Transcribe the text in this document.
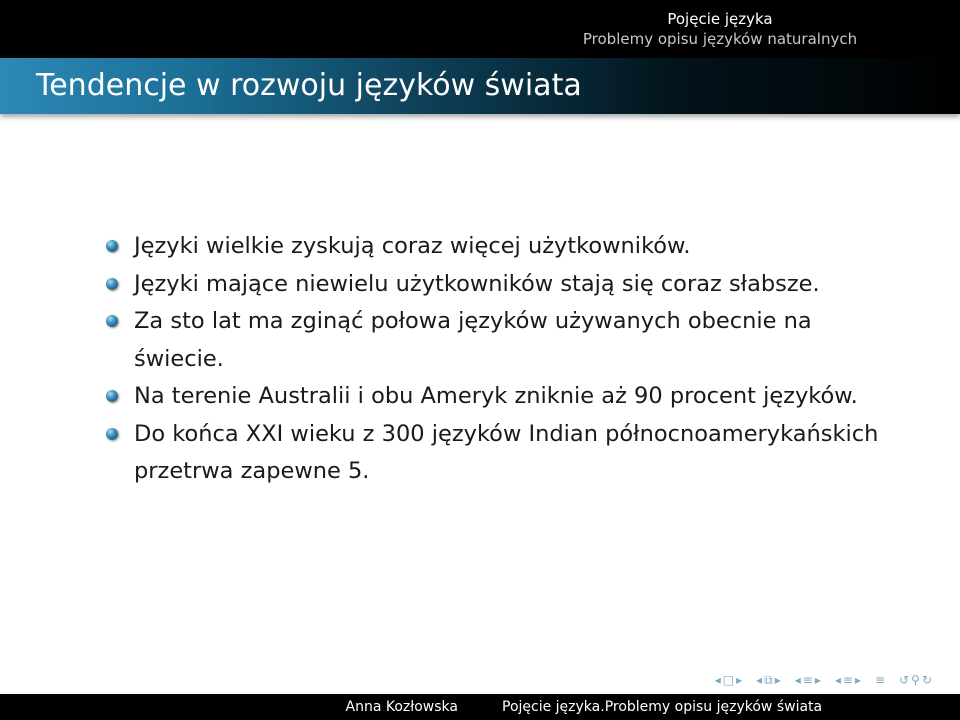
Pojęcie języka
Problemy opisu języków naturalnych
Tendencje w rozwoju języków świata
Języki wielkie zyskują coraz więcej użytkowników.
Języki mające niewielu użytkowników stają się coraz słabsze.
Za sto lat ma zginąć połowa języków używanych obecnie na świecie.
Na terenie Australii i obu Ameryk zniknie aż 90 procent języków.
Do końca XXI wieku z 300 języków Indian północnoamerykańskich przetrwa zapewne 5.
◂ □ ▸ ◂ ⧉ ▸ ◂ ≡ ▸ ◂ ≡ ▸ ≡ ↺ ⚲ ↻
Anna Kozłowska	Pojęcie języka.Problemy opisu języków świata
